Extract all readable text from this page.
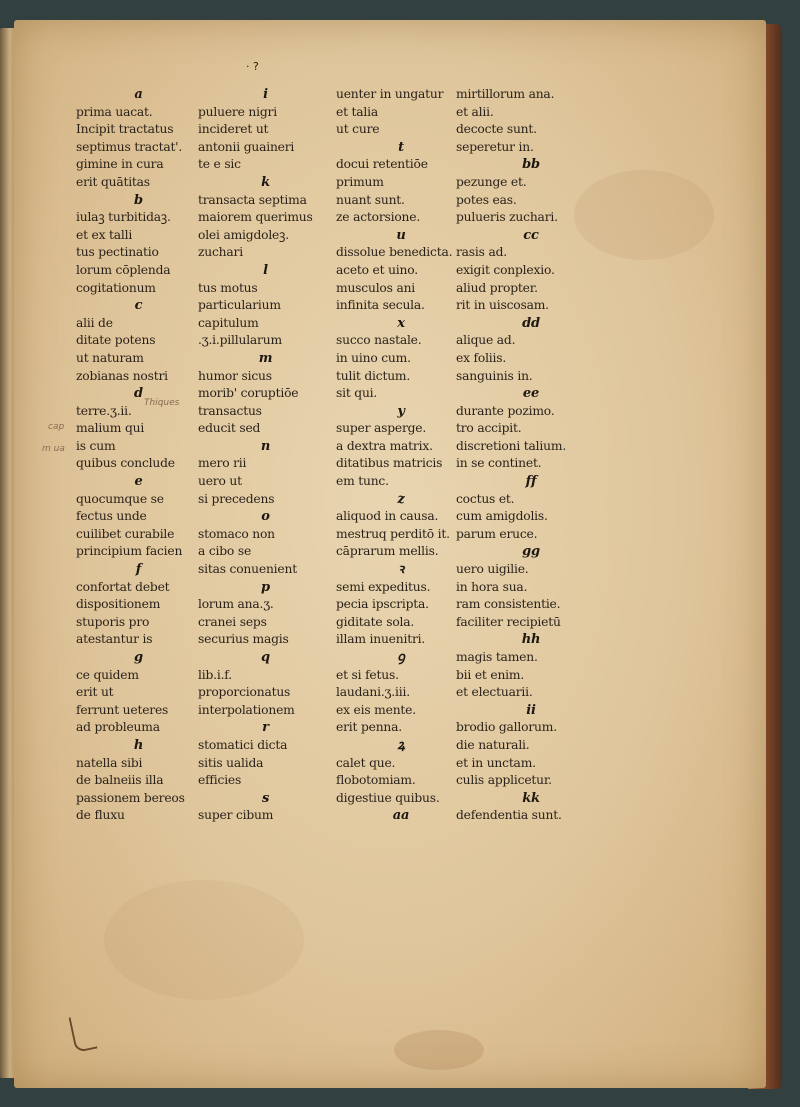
· ?
a
prima uacat.
Incipit tractatus
septimus tractat'.
gimine in cura
erit quātitas
b
iulaꝫ turbitidaꝫ.
et ex talli
tus pectinatio
lorum cōplenda
cogitationum
c
alii de
ditate potens
ut naturam
zobianas nostri
d
terre.ʒ.ii.
malium qui
is cum
quibus conclude
e
quocumque se
fectus unde
cuilibet curabile
principium facien
f
confortat debet
dispositionem
stuporis pro
atestantur is
g
ce quidem
erit ut
ferrunt ueteres
ad probleuma
h
natella sibi
de balneiis illa
passionem bereos
de fluxu
i
puluere nigri
incideret ut
antonii guaineri
te e sic
k
transacta septima
maiorem querimus
olei amigdoleꝫ.
zuchari
l
tus motus
particularium
capitulum
.ʒ.i.pillularum
m
humor sicus
morib' coruptiōe
transactus
educit sed
n
mero rii
uero ut
si precedens
o
stomaco non
a cibo se
sitas conuenient
p
lorum ana.ʒ.
cranei seps
securius magis
q
lib.i.f.
proporcionatus
interpolationem
r
stomatici dicta
sitis ualida
efficies
s
super cibum
uenter in ungatur
et talia
ut cure
t
docui retentiōe
primum
nuant sunt.
ze actorsione.
u
dissolue benedicta.
aceto et uino.
musculos ani
infinita secula.
x
succo nastale.
in uino cum.
tulit dictum.
sit qui.
y
super asperge.
a dextra matrix.
ditatibus matricis
em tunc.
z
aliquod in causa.
mestruq perditō it.
cāprarum mellis.
ꝛ
semi expeditus.
pecia ipscripta.
giditate sola.
illam inuenitri.
ꝯ
et si fetus.
laudani.ʒ.iii.
ex eis mente.
erit penna.
ꝝ
calet que.
flobotomiam.
digestiue quibus.
aa
mirtillorum ana.
et alii.
decocte sunt.
seperetur in.
bb
pezunge et.
potes eas.
pulueris zuchari.
cc
rasis ad.
exigit conplexio.
aliud propter.
rit in uiscosam.
dd
alique ad.
ex foliis.
sanguinis in.
ee
durante pozimo.
tro accipit.
discretioni talium.
in se continet.
ff
coctus et.
cum amigdolis.
parum eruce.
gg
uero uigilie.
in hora sua.
ram consistentie.
faciliter recipietū
hh
magis tamen.
bii et enim.
et electuarii.
ii
brodio gallorum.
die naturali.
et in unctam.
culis applicetur.
kk
defendentia sunt.
Thiques
cap
m ua
